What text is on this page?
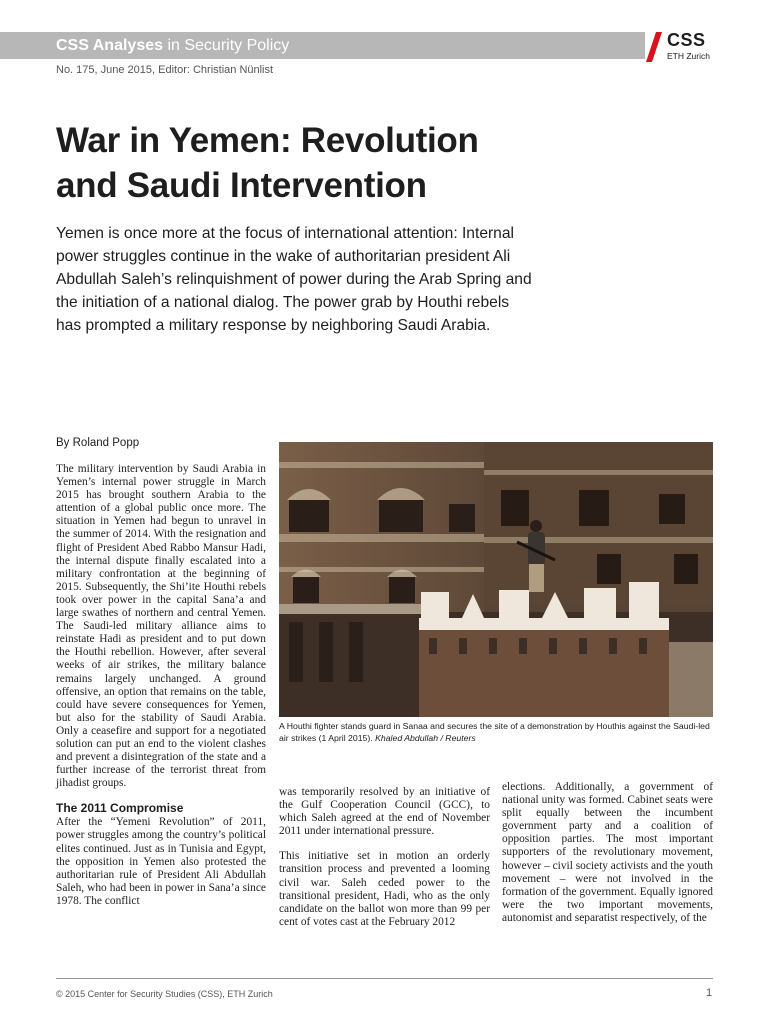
CSS Analyses in Security Policy
No. 175, June 2015, Editor: Christian Nünlist
CSS
ETH Zurich
War in Yemen: Revolution
and Saudi Intervention

Yemen is once more at the focus of international attention: Internal
power struggles continue in the wake of authoritarian president Ali
Abdullah Saleh’s relinquishment of power during the Arab Spring and
the initiation of a national dialog. The power grab by Houthi rebels
has prompted a military response by neighboring Saudi Arabia.

By Roland Popp

The military intervention by Saudi Arabia in Yemen’s internal power struggle in March 2015 has brought southern Arabia to the attention of a global public once more. The situation in Yemen had begun to unravel in the summer of 2014. With the resignation and flight of President Abed Rabbo Mansur Hadi, the internal dispute finally escalated into a military confrontation at the beginning of 2015. Subsequently, the Shi’ite Houthi rebels took over power in the capital Sana’a and large swathes of northern and central Yemen. The Saudi-led military alliance aims to reinstate Hadi as president and to put down the Houthi rebellion. However, after several weeks of air strikes, the military balance remains largely unchanged. A ground offensive, an option that remains on the table, could have severe consequences for Yemen, but also for the stability of Saudi Arabia. Only a ceasefire and support for a negotiated solution can put an end to the violent clashes and prevent a disintegration of the state and a further increase of the terrorist threat from jihadist groups.

The 2011 Compromise

After the “Yemeni Revolution” of 2011, power struggles among the country’s political elites continued. Just as in Tunisia and Egypt, the opposition in Yemen also protested the authoritarian rule of President Ali Abdullah Saleh, who had been in power in Sana’a since 1978. The conflict

A Houthi fighter stands guard in Sanaa and secures the site of a demonstration by Houthis against the Saudi-led air strikes (1 April 2015). Khaled Abdullah / Reuters

was temporarily resolved by an initiative of the Gulf Cooperation Council (GCC), to which Saleh agreed at the end of November 2011 under international pressure.

This initiative set in motion an orderly transition process and prevented a looming civil war. Saleh ceded power to the transitional president, Hadi, who as the only candidate on the ballot won more than 99 per cent of votes cast at the February 2012

elections. Additionally, a government of national unity was formed. Cabinet seats were split equally between the incumbent government party and a coalition of opposition parties. The most important supporters of the revolutionary movement, however – civil society activists and the youth movement – were not involved in the formation of the government. Equally ignored were the two important movements, autonomist and separatist respectively, of the

© 2015 Center for Security Studies (CSS), ETH Zurich	1
